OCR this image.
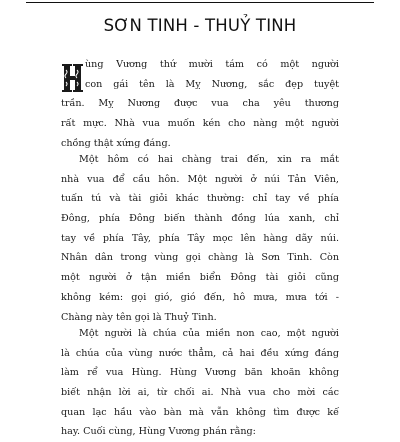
SƠN TINH - THUỶ TINH
ùng Vương thứ mười tám có một người
con gái tên là Mỵ Nương, sắc đẹp tuyệt
trần. Mỵ Nương được vua cha yêu thương
rất mực. Nhà vua muốn kén cho nàng một người
chồng thật xứng đáng.
Một hôm có hai chàng trai đến, xin ra mắt
nhà vua để cầu hôn. Một người ở núi Tản Viên,
tuấn tú và tài giỏi khác thường: chỉ tay về phía
Đông, phía Đông biến thành đồng lúa xanh, chỉ
tay về phía Tây, phía Tây mọc lên hàng dãy núi.
Nhân dân trong vùng gọi chàng là Sơn Tinh. Còn
một người ở tận miền biển Đông tài giỏi cũng
không kém: gọi gió, gió đến, hô mưa, mưa tới -
Chàng này tên gọi là Thuỷ Tinh.
Một người là chúa của miền non cao, một người
là chúa của vùng nước thẳm, cả hai đều xứng đáng
làm rể vua Hùng. Hùng Vương băn khoăn không
biết nhận lời ai, từ chối ai. Nhà vua cho mời các
quan lạc hầu vào bàn mà vẫn không tìm được kế
hay. Cuối cùng, Hùng Vương phán rằng:
